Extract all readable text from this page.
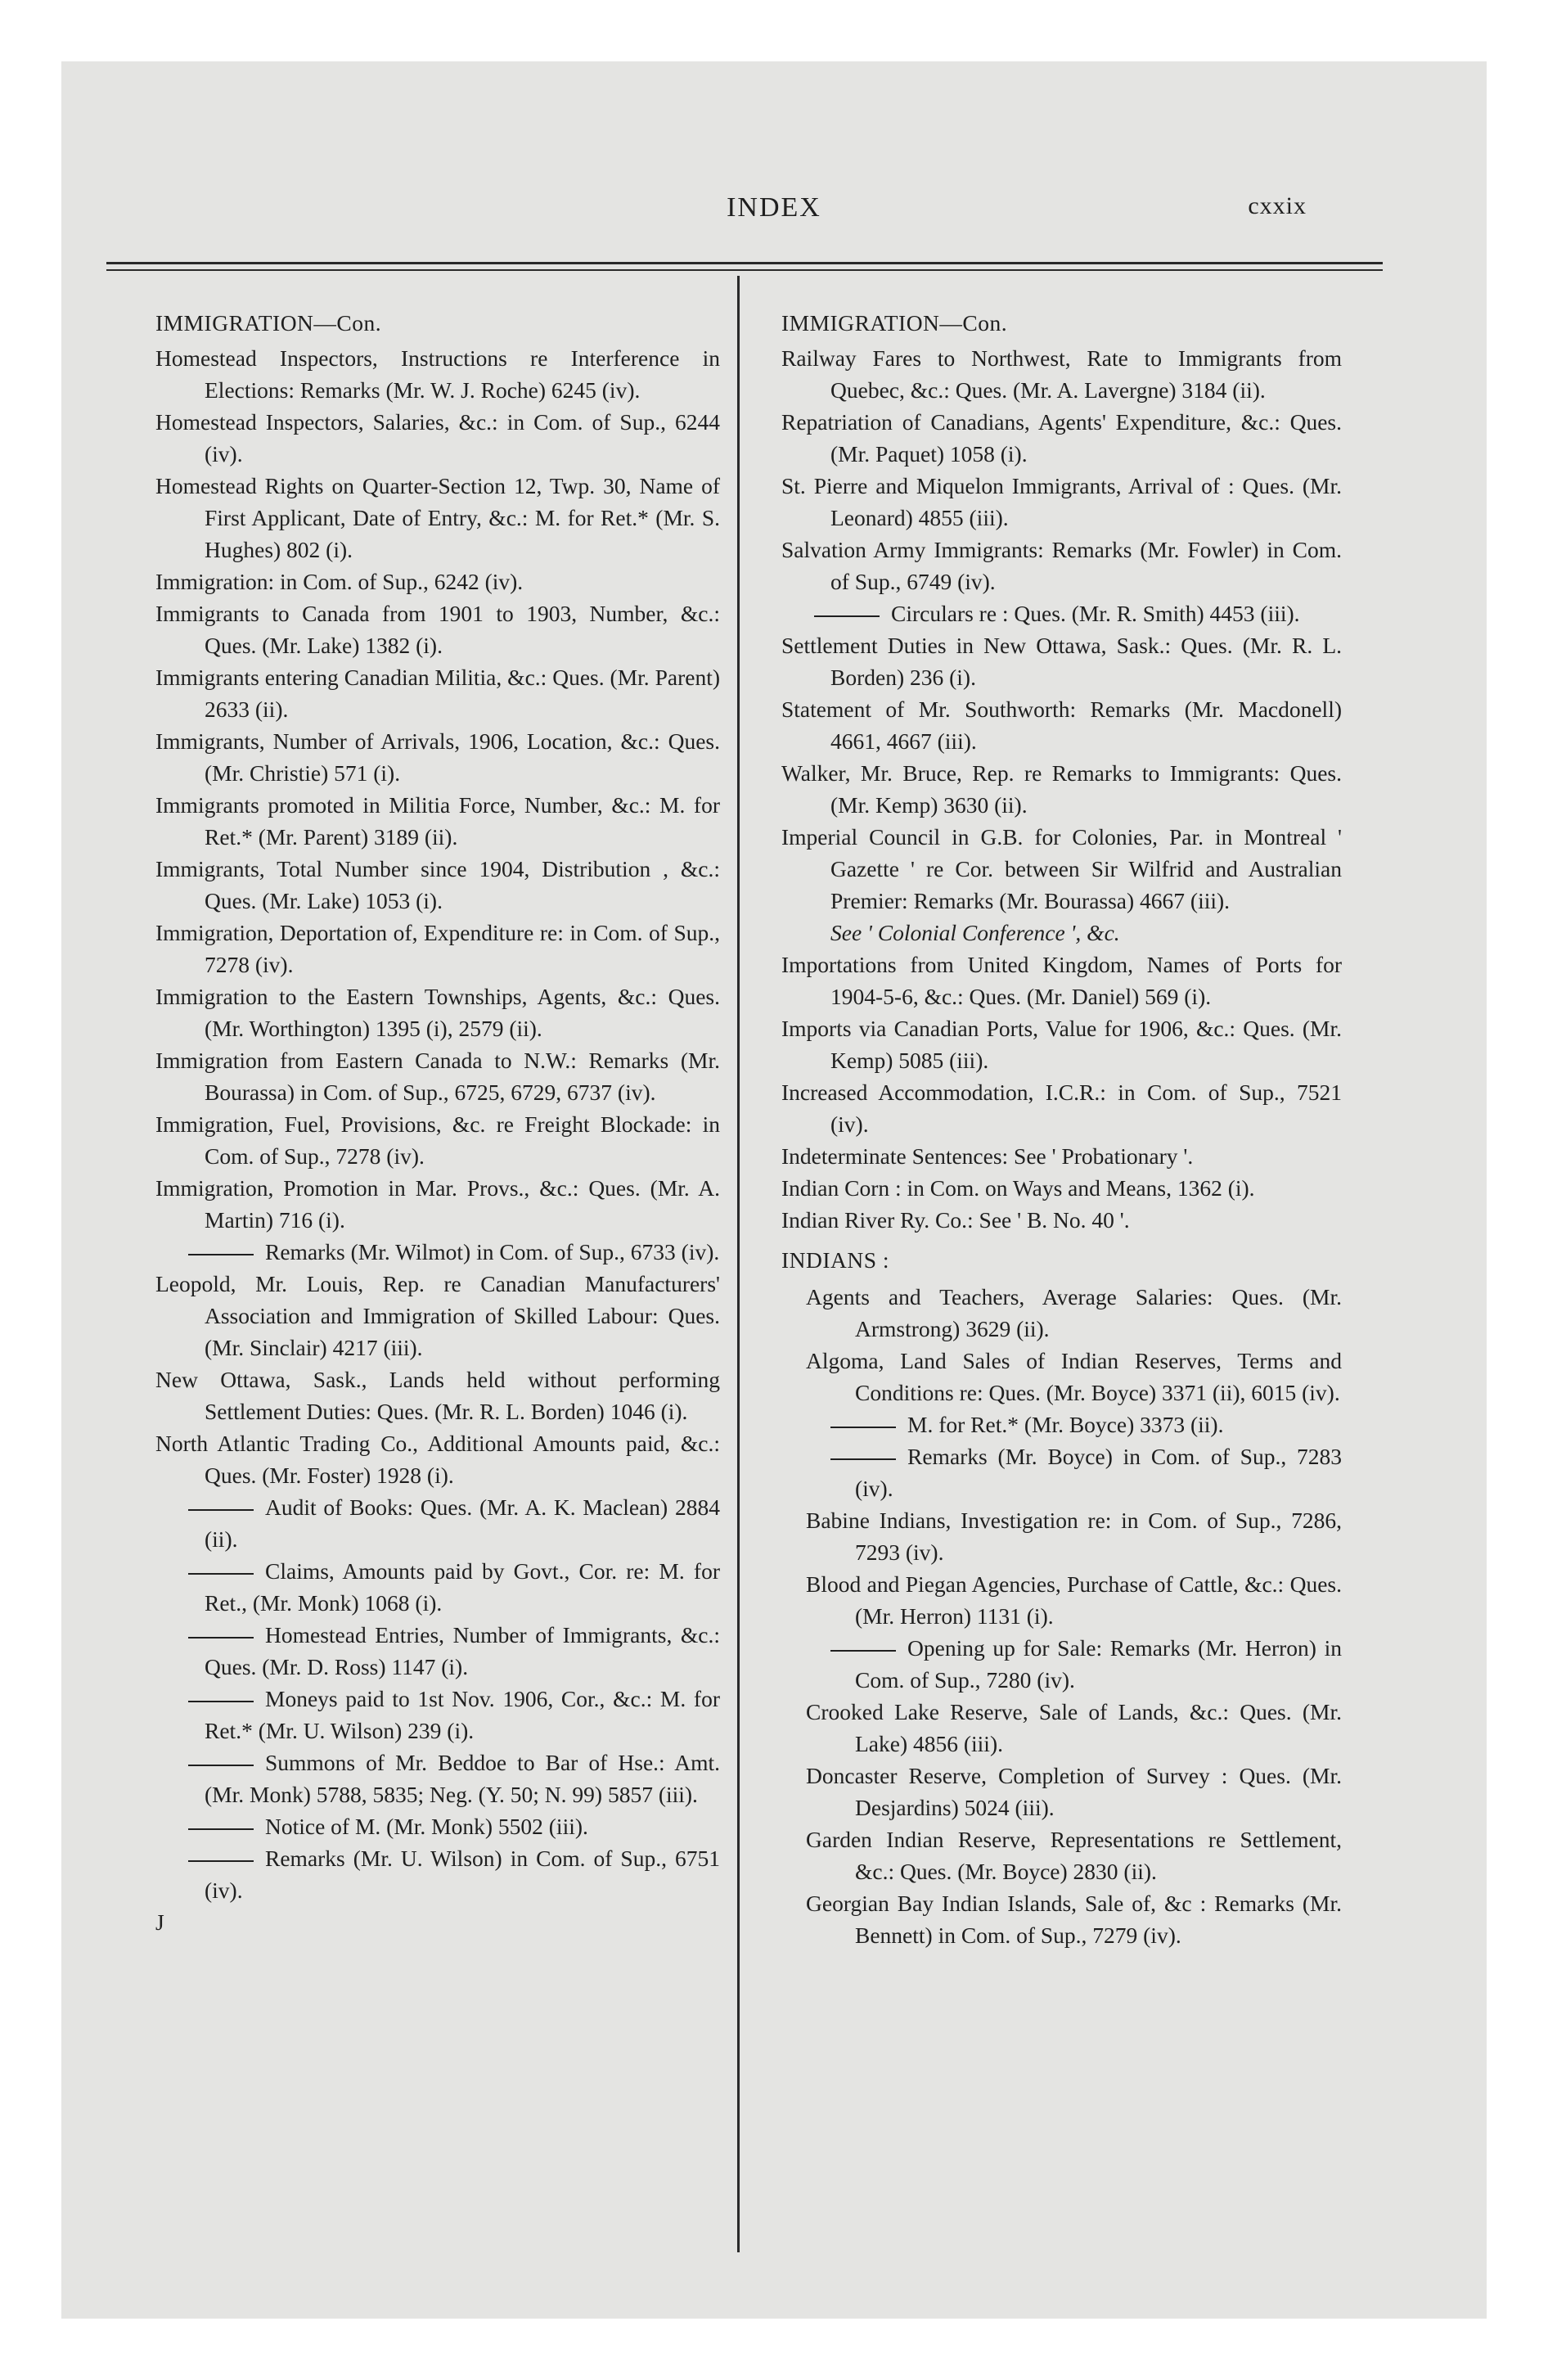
INDEX	cxxix

IMMIGRATION—Con.

Homestead Inspectors, Instructions re Interference in Elections: Remarks (Mr. W. J. Roche) 6245 (iv).

Homestead Inspectors, Salaries, &c.: in Com. of Sup., 6244 (iv).

Homestead Rights on Quarter-Section 12, Twp. 30, Name of First Applicant, Date of Entry, &c.: M. for Ret.* (Mr. S. Hughes) 802 (i).

Immigration: in Com. of Sup., 6242 (iv).

Immigrants to Canada from 1901 to 1903, Number, &c.: Ques. (Mr. Lake) 1382 (i).

Immigrants entering Canadian Militia, &c.: Ques. (Mr. Parent) 2633 (ii).

Immigrants, Number of Arrivals, 1906, Location, &c.: Ques. (Mr. Christie) 571 (i).

Immigrants promoted in Militia Force, Number, &c.: M. for Ret.* (Mr. Parent) 3189 (ii).

Immigrants, Total Number since 1904, Distribution , &c.: Ques. (Mr. Lake) 1053 (i).

Immigration, Deportation of, Expenditure re: in Com. of Sup., 7278 (iv).

Immigration to the Eastern Townships, Agents, &c.: Ques. (Mr. Worthington) 1395 (i), 2579 (ii).

Immigration from Eastern Canada to N.W.: Remarks (Mr. Bourassa) in Com. of Sup., 6725, 6729, 6737 (iv).

Immigration, Fuel, Provisions, &c. re Freight Blockade: in Com. of Sup., 7278 (iv).

Immigration, Promotion in Mar. Provs., &c.: Ques. (Mr. A. Martin) 716 (i).

Remarks (Mr. Wilmot) in Com. of Sup., 6733 (iv).

Leopold, Mr. Louis, Rep. re Canadian Manufacturers' Association and Immigration of Skilled Labour: Ques. (Mr. Sinclair) 4217 (iii).

New Ottawa, Sask., Lands held without performing Settlement Duties: Ques. (Mr. R. L. Borden) 1046 (i).

North Atlantic Trading Co., Additional Amounts paid, &c.: Ques. (Mr. Foster) 1928 (i).

Audit of Books: Ques. (Mr. A. K. Maclean) 2884 (ii).

Claims, Amounts paid by Govt., Cor. re: M. for Ret., (Mr. Monk) 1068 (i).

Homestead Entries, Number of Immigrants, &c.: Ques. (Mr. D. Ross) 1147 (i).

Moneys paid to 1st Nov. 1906, Cor., &c.: M. for Ret.* (Mr. U. Wilson) 239 (i).

Summons of Mr. Beddoe to Bar of Hse.: Amt. (Mr. Monk) 5788, 5835; Neg. (Y. 50; N. 99) 5857 (iii).

Notice of M. (Mr. Monk) 5502 (iii).

Remarks (Mr. U. Wilson) in Com. of Sup., 6751 (iv).

J

IMMIGRATION—Con.

Railway Fares to Northwest, Rate to Immigrants from Quebec, &c.: Ques. (Mr. A. Lavergne) 3184 (ii).

Repatriation of Canadians, Agents' Expenditure, &c.: Ques. (Mr. Paquet) 1058 (i).

St. Pierre and Miquelon Immigrants, Arrival of : Ques. (Mr. Leonard) 4855 (iii).

Salvation Army Immigrants: Remarks (Mr. Fowler) in Com. of Sup., 6749 (iv).

Circulars re : Ques. (Mr. R. Smith) 4453 (iii).

Settlement Duties in New Ottawa, Sask.: Ques. (Mr. R. L. Borden) 236 (i).

Statement of Mr. Southworth: Remarks (Mr. Macdonell) 4661, 4667 (iii).

Walker, Mr. Bruce, Rep. re Remarks to Immigrants: Ques. (Mr. Kemp) 3630 (ii).

Imperial Council in G.B. for Colonies, Par. in Montreal ' Gazette ' re Cor. between Sir Wilfrid and Australian Premier: Remarks (Mr. Bourassa) 4667 (iii).

See ' Colonial Conference ', &c.

Importations from United Kingdom, Names of Ports for 1904-5-6, &c.: Ques. (Mr. Daniel) 569 (i).

Imports via Canadian Ports, Value for 1906, &c.: Ques. (Mr. Kemp) 5085 (iii).

Increased Accommodation, I.C.R.: in Com. of Sup., 7521 (iv).

Indeterminate Sentences: See ' Probationary '.

Indian Corn : in Com. on Ways and Means, 1362 (i).

Indian River Ry. Co.: See ' B. No. 40 '.

INDIANS :

Agents and Teachers, Average Salaries: Ques. (Mr. Armstrong) 3629 (ii).

Algoma, Land Sales of Indian Reserves, Terms and Conditions re: Ques. (Mr. Boyce) 3371 (ii), 6015 (iv).

M. for Ret.* (Mr. Boyce) 3373 (ii).

Remarks (Mr. Boyce) in Com. of Sup., 7283 (iv).

Babine Indians, Investigation re: in Com. of Sup., 7286, 7293 (iv).

Blood and Piegan Agencies, Purchase of Cattle, &c.: Ques. (Mr. Herron) 1131 (i).

Opening up for Sale: Remarks (Mr. Herron) in Com. of Sup., 7280 (iv).

Crooked Lake Reserve, Sale of Lands, &c.: Ques. (Mr. Lake) 4856 (iii).

Doncaster Reserve, Completion of Survey : Ques. (Mr. Desjardins) 5024 (iii).

Garden Indian Reserve, Representations re Settlement, &c.: Ques. (Mr. Boyce) 2830 (ii).

Georgian Bay Indian Islands, Sale of, &c : Remarks (Mr. Bennett) in Com. of Sup., 7279 (iv).
